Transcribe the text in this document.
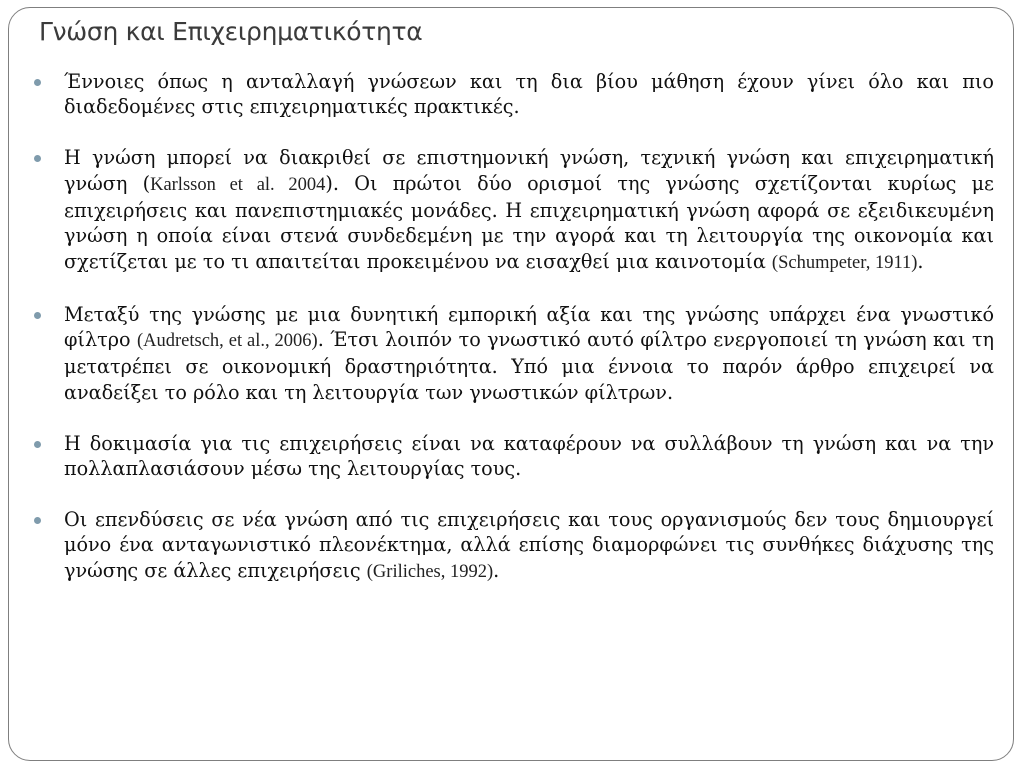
Γνώση και Επιχειρηματικότητα
Έννοιες όπως η ανταλλαγή γνώσεων και τη δια βίου μάθηση έχουν γίνει όλο και πιο διαδεδομένες στις επιχειρηματικές πρακτικές.
Η γνώση μπορεί να διακριθεί σε επιστημονική γνώση, τεχνική γνώση και επιχειρηματική γνώση (Karlsson et al. 2004). Οι πρώτοι δύο ορισμοί της γνώσης σχετίζονται κυρίως με επιχειρήσεις και πανεπιστημιακές μονάδες. Η επιχειρηματική γνώση αφορά σε εξειδικευμένη γνώση η οποία είναι στενά συνδεδεμένη με την αγορά και τη λειτουργία της οικονομία και σχετίζεται με το τι απαιτείται προκειμένου να εισαχθεί μια καινοτομία (Schumpeter, 1911).
Μεταξύ της γνώσης με μια δυνητική εμπορική αξία και της γνώσης υπάρχει ένα γνωστικό φίλτρο (Audretsch, et al., 2006). Έτσι λοιπόν το γνωστικό αυτό φίλτρο ενεργοποιεί τη γνώση και τη μετατρέπει σε οικονομική δραστηριότητα. Υπό μια έννοια το παρόν άρθρο επιχειρεί να αναδείξει το ρόλο και τη λειτουργία των γνωστικών φίλτρων.
Η δοκιμασία για τις επιχειρήσεις είναι να καταφέρουν να συλλάβουν τη γνώση και να την πολλαπλασιάσουν μέσω της λειτουργίας τους.
Οι επενδύσεις σε νέα γνώση από τις επιχειρήσεις και τους οργανισμούς δεν τους δημιουργεί μόνο ένα ανταγωνιστικό πλεονέκτημα, αλλά επίσης διαμορφώνει τις συνθήκες διάχυσης της γνώσης σε άλλες επιχειρήσεις (Griliches, 1992).
